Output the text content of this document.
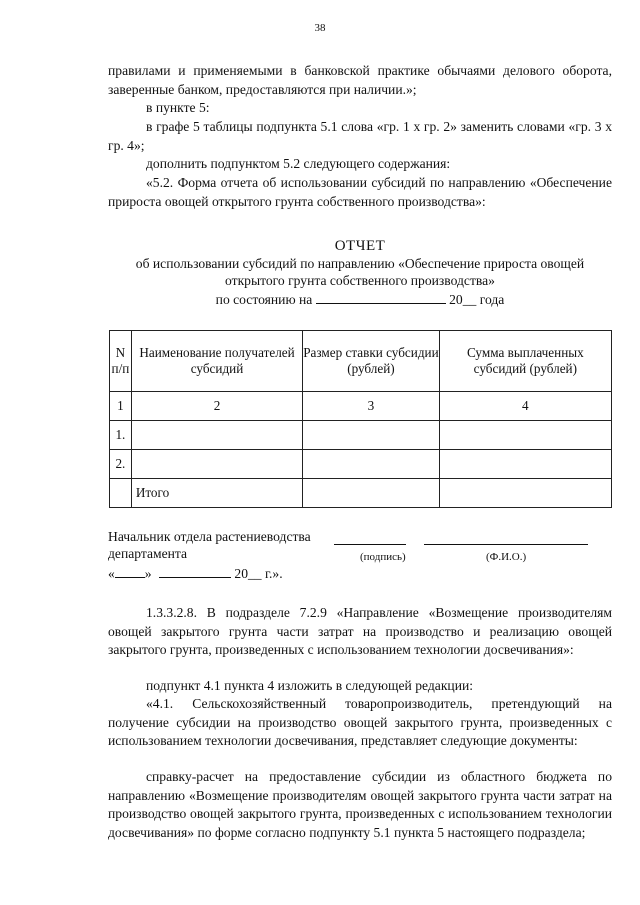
38

правилами и применяемыми в банковской практике обычаями делового оборота, заверенные банком, предоставляются при наличии.»;

в пункте 5:

в графе 5 таблицы подпункта 5.1 слова «гр. 1 х гр. 2» заменить словами «гр. 3 х гр. 4»;

дополнить подпунктом 5.2 следующего содержания:

«5.2. Форма отчета об использовании субсидий по направлению «Обеспечение прироста овощей открытого грунта собственного производства»:

ОТЧЕТ
об использовании субсидий по направлению «Обеспечение прироста овощей
открытого грунта собственного производства»
по состоянию на	20__ года
N п/п	Наименование получателей субсидий	Размер ставки субсидии (рублей)	Сумма выплаченных субсидий (рублей)
1	2	3	4
1.			
2.			
	Итого		
Начальник отдела растениеводства
департамента	(подпись)	(Ф.И.О.)
« »	20__ г.».

1.3.3.2.8. В подразделе 7.2.9 «Направление «Возмещение производителям овощей закрытого грунта части затрат на производство и реализацию овощей закрытого грунта, произведенных с использованием технологии досвечивания»:

подпункт 4.1 пункта 4 изложить в следующей редакции:

«4.1. Сельскохозяйственный товаропроизводитель, претендующий на получение субсидии на производство овощей закрытого грунта, произведенных с использованием технологии досвечивания, представляет следующие документы:

справку-расчет на предоставление субсидии из областного бюджета по направлению «Возмещение производителям овощей закрытого грунта части затрат на производство овощей закрытого грунта, произведенных с использованием технологии досвечивания» по форме согласно подпункту 5.1 пункта 5 настоящего подраздела;
